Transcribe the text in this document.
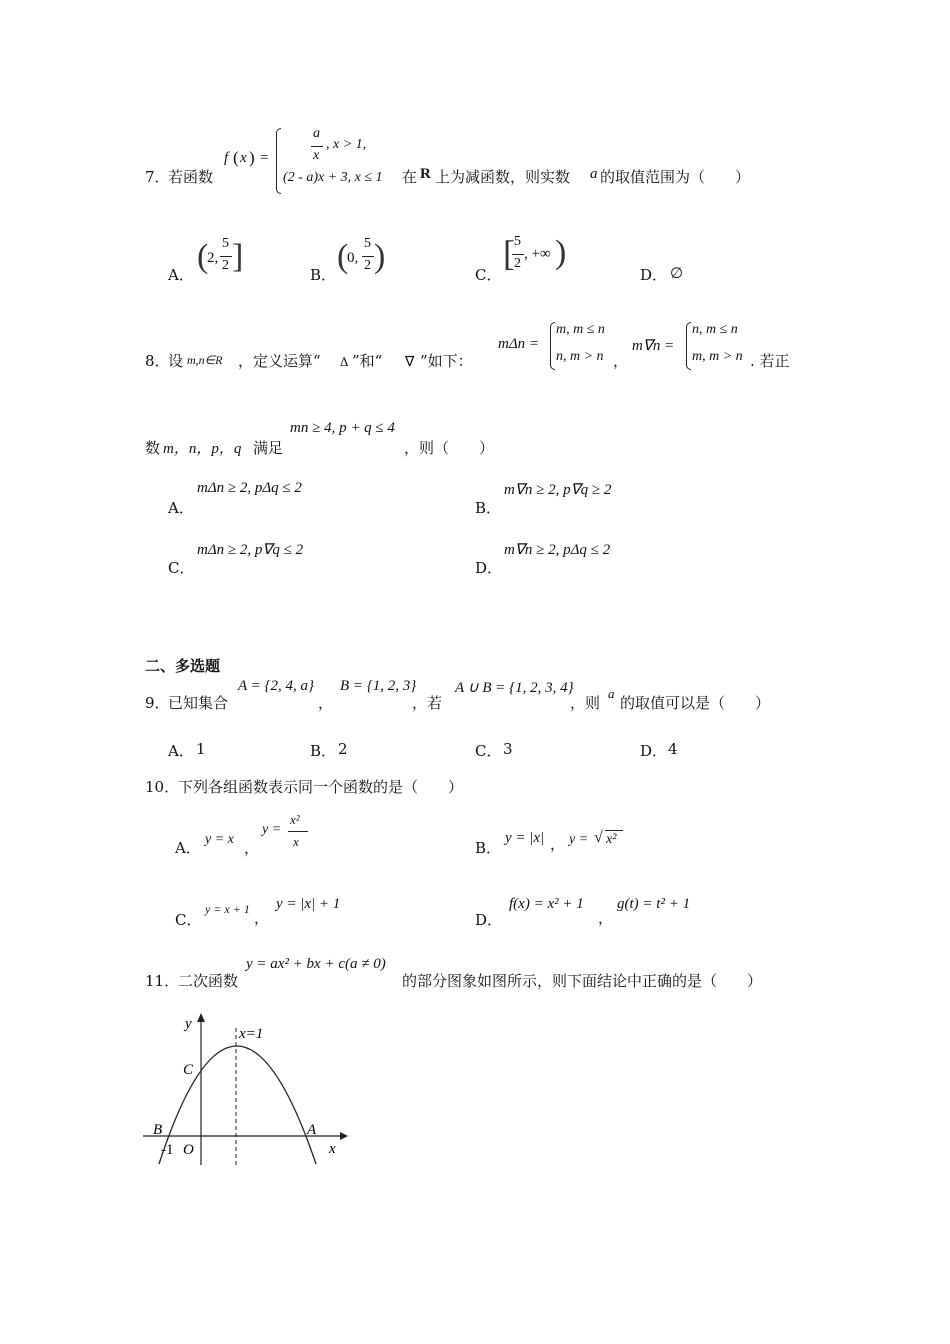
7．
若函数
f ( x ) =
a
x
, x > 1,
(2 - a)x + 3, x ≤ 1 在 R 上为减函数，则实数 a 的取值范围为（　　）
A． (
2,
5
2 ]	B． (
0,
5
2 )	C．
[ 5
2
, +∞ )
D． ∅
8．
设 m,n∈R ，定义运算“ Δ ”和“ ∇ ”如下：
mΔn =
m, m ≤ n
n, m > n ，
m∇n =
n, m ≤ n
m, m > n . 若正
数 m，n，p，q 满足
mn ≥ 4, p + q ≤ 4
，则（　　）
A．
mΔn ≥ 2, pΔq ≤ 2
B．
m∇n ≥ 2, p∇q ≥ 2
C．
mΔn ≥ 2, p∇q ≤ 2
D．
m∇n ≥ 2, pΔq ≤ 2
二、多选题
9．
已知集合
A = {2, 4, a}
，
B = {1, 2, 3}
，若
A ∪ B = {1, 2, 3, 4}
，则
a
的取值可以是（　　）
A． 1	B． 2	C． 3	D． 4
10．
下列各组函数表示同一个函数的是（　　）
A． y = x ，
y =
x²
x	B．
y = |x| ， y = √ x²
C．
y = x + 1 ，
y = |x| + 1
D．
f(x) = x² + 1
，
g(t) = t² + 1
11．
二次函数
y = ax² + bx + c(a ≠ 0)
的部分图象如图所示，则下面结论中正确的是（　　）
y
x
x=1
C
B	A
O
-1
